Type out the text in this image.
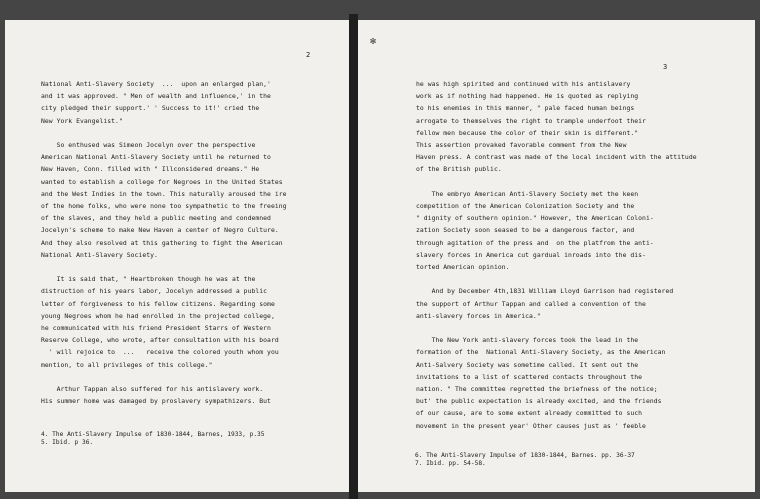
2
National Anti-Slavery Society  ...  upon an enlarged plan,'
and it was approved. " Men of wealth and influence,' in the
city pledged their support.' ' Success to it!' cried the
New York Evangelist."

So enthused was Simeon Jocelyn over the perspective
American National Anti-Slavery Society until he returned to
New Haven, Conn. filled with " Illconsidered dreams." He
wanted to establish a college for Negroes in the United States
and the West Indies in the town. This naturally aroused the ire
of the home folks, who were none too sympathetic to the freeing
of the slaves, and they held a public meeting and condemned
Jocelyn's scheme to make New Haven a center of Negro Culture.
And they also resolved at this gathering to fight the American
National Anti-Slavery Society.

It is said that, " Heartbroken though he was at the
distruction of his years labor, Jocelyn addressed a public
letter of forgiveness to his fellow citizens. Regarding some
young Negroes whom he had enrolled in the projected college,
he communicated with his friend President Starrs of Western
Reserve College, who wrote, after consultation with his board
' will rejoice to  ...   receive the colored youth whom you
mention, to all privileges of this college."

Arthur Tappan also suffered for his antislavery work.
His summer home was damaged by proslavery sympathizers. But
4. The Anti-Slavery Impulse of 1830-1844, Barnes, 1933, p.35
5. Ibid. p 36.
✻
3
he was high spirited and continued with his antislavery
work as if nothing had happened. He is quoted as replying
to his enemies in this manner, " pale faced human beings
arrogate to themselves the right to trample underfoot their
fellow men because the color of their skin is different."
This assertion provaked favorable comment from the New
Haven press. A contrast was made of the local incident with the attitude
of the British public.

The embryo American Anti-Slavery Society met the keen
competition of the American Colonization Society and the
" dignity of southern opinion." However, the American Coloni-
zation Society soon seased to be a dangerous factor, and
through agitation of the press and  on the platfrom the anti-
slavery forces in America cut gardual inroads into the dis-
torted American opinion.

And by December 4th,1831 William Lloyd Garrison had registered
the support of Arthur Tappan and called a convention of the
anti-slavery forces in America."

The New York anti-slavery forces took the lead in the
formation of the  National Anti-Slavery Society, as the American
Anti-Salvery Society was sometime called. It sent out the
invitations to a list of scattered contacts throughout the
nation. " The committee regretted the briefness of the notice;
but' the public expectation is already excited, and the friends
of our cause, are to some extent already committed to such
movement in the present year' Other causes just as ' feeble
6. The Anti-Slavery Impulse of 1830-1844, Barnes. pp. 36-37
7. Ibid. pp. 54-58.
